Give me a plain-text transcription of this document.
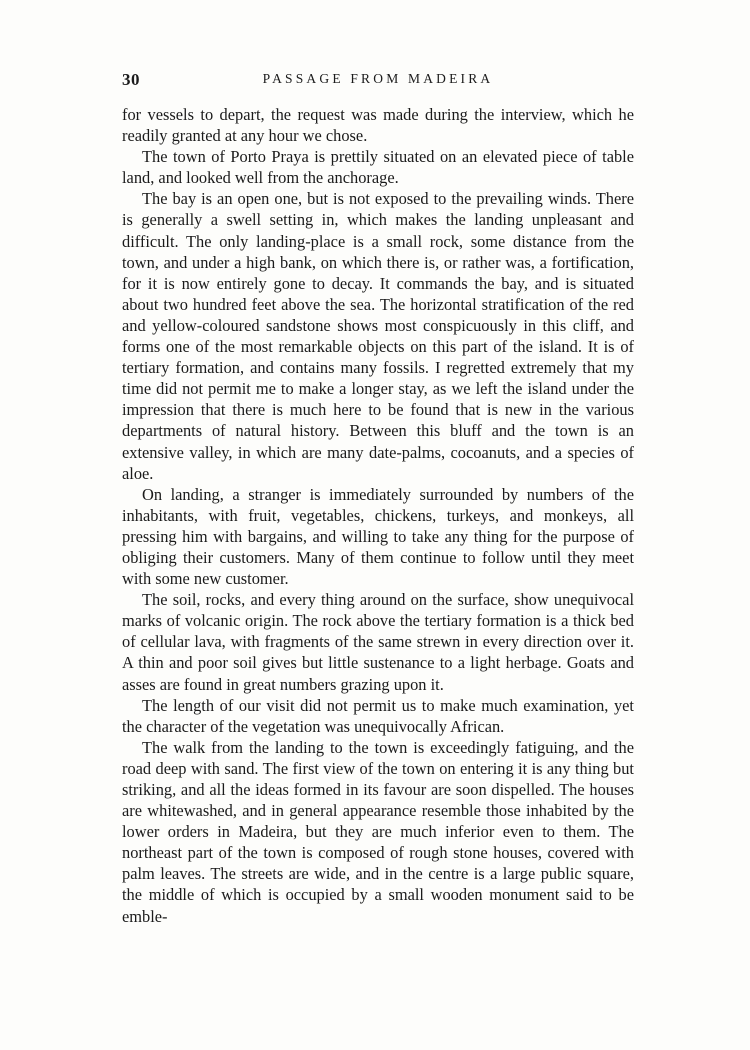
30	PASSAGE FROM MADEIRA

for vessels to depart, the request was made during the interview, which he readily granted at any hour we chose.

The town of Porto Praya is prettily situated on an elevated piece of table land, and looked well from the anchorage.

The bay is an open one, but is not exposed to the prevailing winds. There is generally a swell setting in, which makes the landing unpleasant and difficult. The only landing-place is a small rock, some distance from the town, and under a high bank, on which there is, or rather was, a fortification, for it is now entirely gone to decay. It commands the bay, and is situated about two hundred feet above the sea. The horizontal stratification of the red and yellow-coloured sandstone shows most conspicuously in this cliff, and forms one of the most remarkable objects on this part of the island. It is of tertiary formation, and contains many fossils. I regretted extremely that my time did not permit me to make a longer stay, as we left the island under the impression that there is much here to be found that is new in the various departments of natural history. Between this bluff and the town is an extensive valley, in which are many date-palms, cocoanuts, and a species of aloe.

On landing, a stranger is immediately surrounded by numbers of the inhabitants, with fruit, vegetables, chickens, turkeys, and monkeys, all pressing him with bargains, and willing to take any thing for the purpose of obliging their customers. Many of them continue to follow until they meet with some new customer.

The soil, rocks, and every thing around on the surface, show unequivocal marks of volcanic origin. The rock above the tertiary formation is a thick bed of cellular lava, with fragments of the same strewn in every direction over it. A thin and poor soil gives but little sustenance to a light herbage. Goats and asses are found in great numbers grazing upon it.

The length of our visit did not permit us to make much examination, yet the character of the vegetation was unequivocally African.

The walk from the landing to the town is exceedingly fatiguing, and the road deep with sand. The first view of the town on entering it is any thing but striking, and all the ideas formed in its favour are soon dispelled. The houses are whitewashed, and in general appearance resemble those inhabited by the lower orders in Madeira, but they are much inferior even to them. The northeast part of the town is composed of rough stone houses, covered with palm leaves. The streets are wide, and in the centre is a large public square, the middle of which is occupied by a small wooden monument said to be emble-
